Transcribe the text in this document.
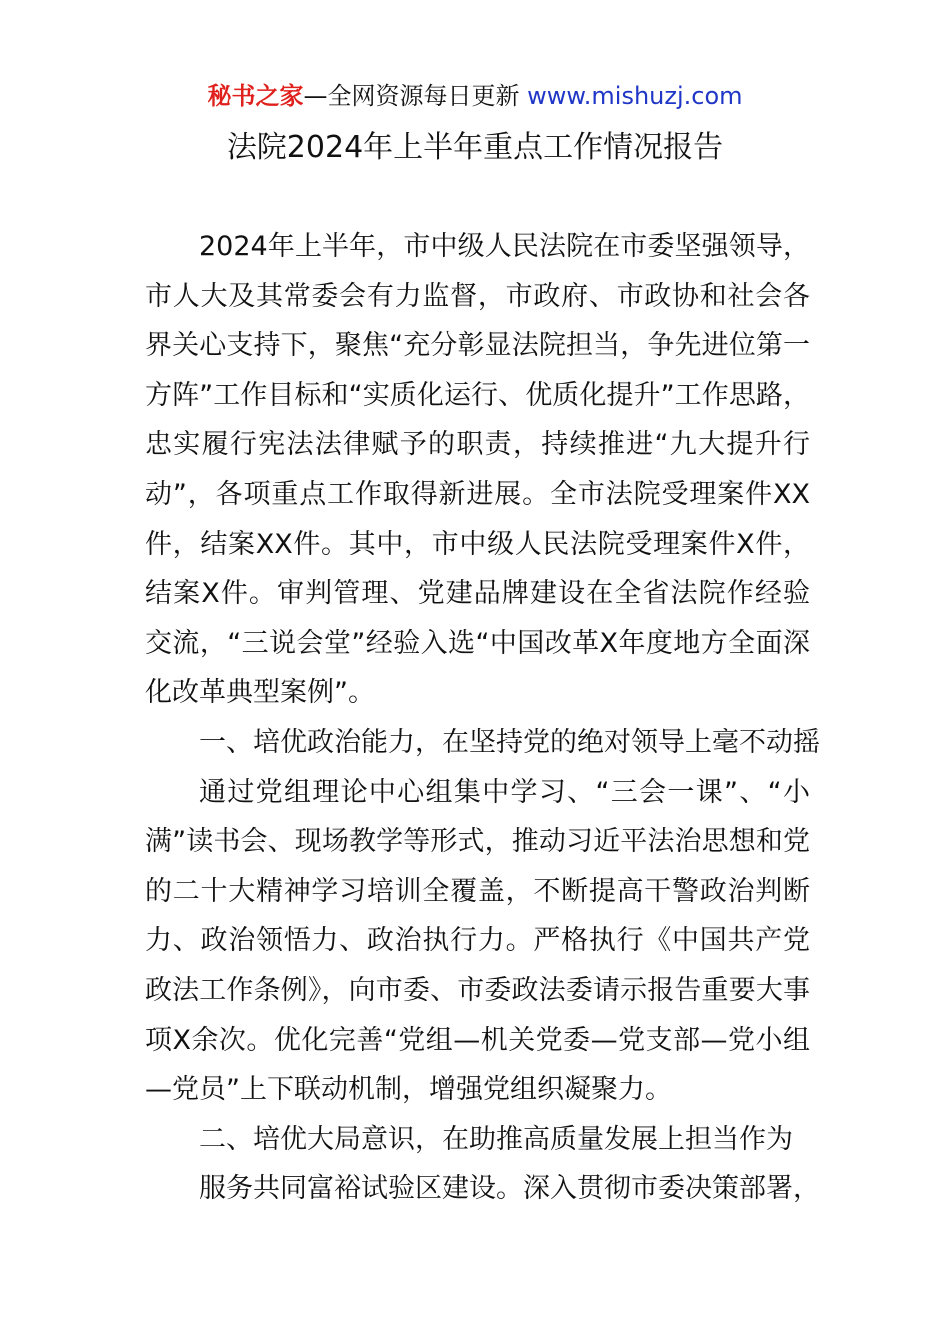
秘书之家—全网资源每日更新 www.mishuzj.com
法院2024年上半年重点工作情况报告

2024年上半年，市中级人民法院在市委坚强领导，市人大及其常委会有力监督，市政府、市政协和社会各界关心支持下，聚焦“充分彰显法院担当，争先进位第一方阵”工作目标和“实质化运行、优质化提升”工作思路，忠实履行宪法法律赋予的职责，持续推进“九大提升行动”，各项重点工作取得新进展。全市法院受理案件XX件，结案XX件。其中，市中级人民法院受理案件X件，结案X件。审判管理、党建品牌建设在全省法院作经验交流，“三说会堂”经验入选“中国改革X年度地方全面深化改革典型案例”。

一、培优政治能力，在坚持党的绝对领导上毫不动摇

通过党组理论中心组集中学习、“三会一课”、“小满”读书会、现场教学等形式，推动习近平法治思想和党的二十大精神学习培训全覆盖，不断提高干警政治判断力、政治领悟力、政治执行力。严格执行《中国共产党政法工作条例》，向市委、市委政法委请示报告重要大事项X余次。优化完善“党组—机关党委—党支部—党小组—党员”上下联动机制，增强党组织凝聚力。

二、培优大局意识，在助推高质量发展上担当作为

服务共同富裕试验区建设。深入贯彻市委决策部署，
